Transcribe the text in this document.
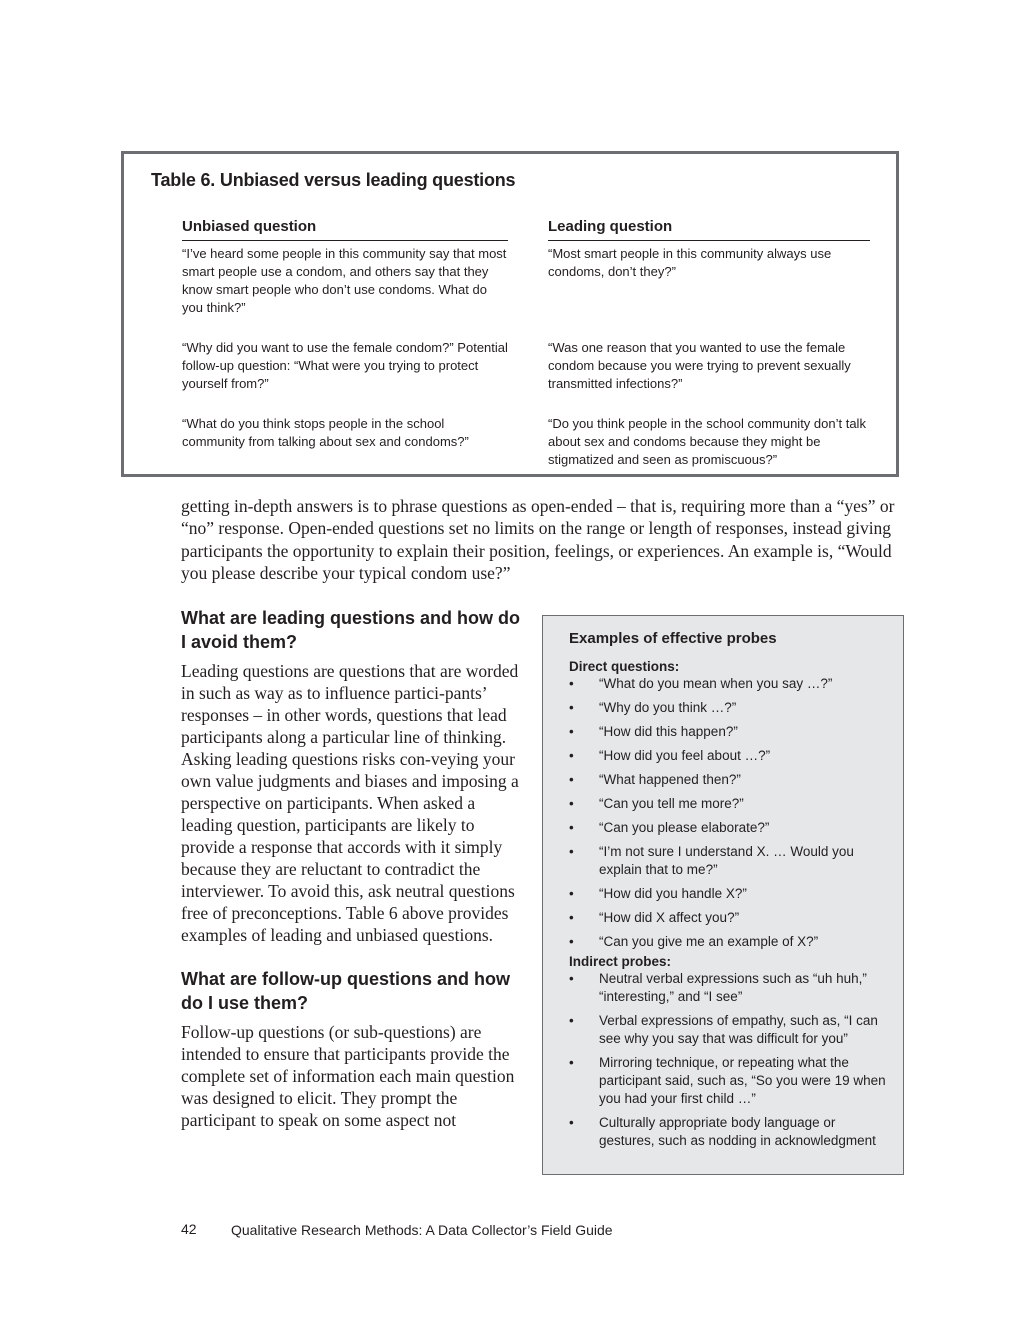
Table 6. Unbiased versus leading questions
Unbiased question
“I’ve heard some people in this community say that most smart people use a condom, and others say that they know smart people who don’t use condoms. What do you think?”
“Why did you want to use the female condom?” Potential follow-up question: “What were you trying to protect yourself from?”
“What do you think stops people in the school community from talking about sex and condoms?”
Leading question
“Most smart people in this community always use condoms, don’t they?”
“Was one reason that you wanted to use the female condom because you were trying to prevent sexually transmitted infections?”
“Do you think people in the school community don’t talk about sex and condoms because they might be stigmatized and seen as promiscuous?”

getting in-depth answers is to phrase questions as open-ended – that is, requiring more than a “yes” or “no” response. Open-ended questions set no limits on the range or length of responses, instead giving participants the opportunity to explain their position, feelings, or experiences. An example is, “Would you please describe your typical condom use?”

What are leading questions and how do I avoid them?

Leading questions are questions that are worded in such as way as to influence partici-pants’ responses – in other words, questions that lead participants along a particular line of thinking. Asking leading questions risks con-veying your own value judgments and biases and imposing a perspective on participants. When asked a leading question, participants are likely to provide a response that accords with it simply because they are reluctant to contradict the interviewer. To avoid this, ask neutral questions free of preconceptions. Table 6 above provides examples of leading and unbiased questions.

What are follow-up questions and how do I use them?

Follow-up questions (or sub-questions) are intended to ensure that participants provide the complete set of information each main question was designed to elicit. They prompt the participant to speak on some aspect not

Examples of effective probes
Direct questions:
• “What do you mean when you say …?”
• “Why do you think …?”
• “How did this happen?”
• “How did you feel about …?”
• “What happened then?”
• “Can you tell me more?”
• “Can you please elaborate?”
• “I’m not sure I understand X. … Would you explain that to me?”
• “How did you handle X?”
• “How did X affect you?”
• “Can you give me an example of X?”
Indirect probes:
• Neutral verbal expressions such as “uh huh,” “interesting,” and “I see”
• Verbal expressions of empathy, such as, “I can see why you say that was difficult for you”
• Mirroring technique, or repeating what the participant said, such as, “So you were 19 when you had your first child …”
• Culturally appropriate body language or gestures, such as nodding in acknowledgment
42 Qualitative Research Methods: A Data Collector’s Field Guide
